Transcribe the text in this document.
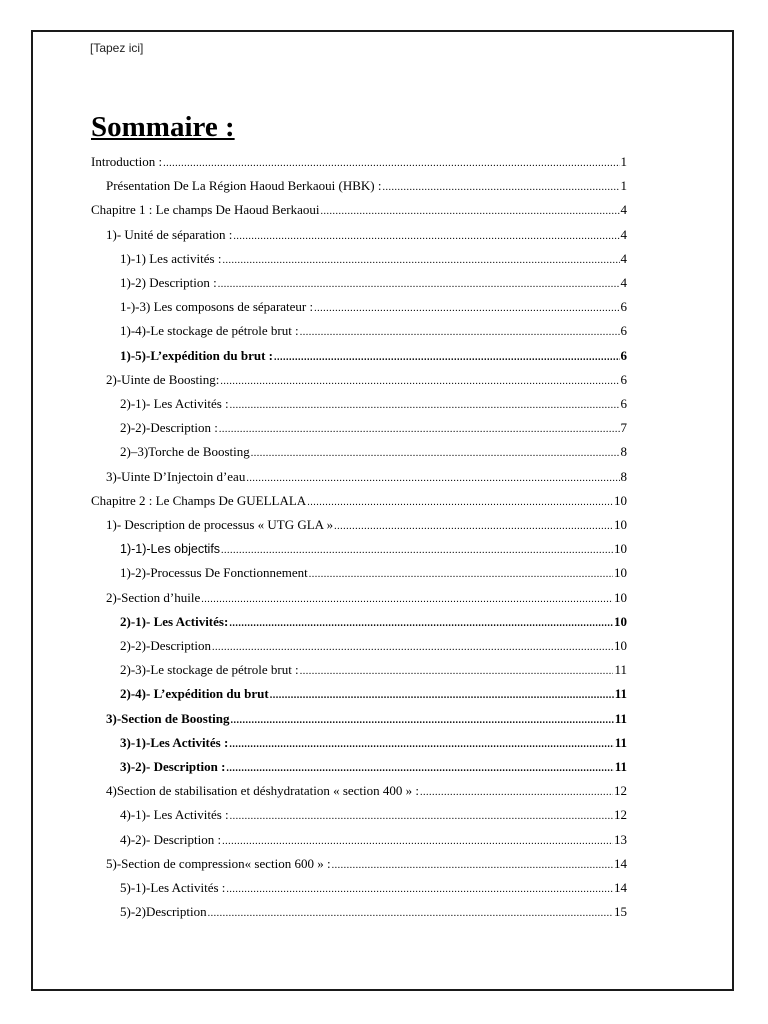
[Tapez ici]
Sommaire :
Introduction : .....	1
Présentation De La Région Haoud Berkaoui (HBK) : .....	1
Chapitre 1 : Le champs De Haoud Berkaoui .....	4
1)- Unité de séparation : .....	4
1)-1) Les activités : .....	4
1)-2) Description : .....	4
1-)-3) Les composons de séparateur : .....	6
1)-4)-Le stockage de pétrole brut : .....	6
1)-5)-L’expédition du brut : .....	6
2)-Uinte de Boosting: .....	6
2)-1)- Les Activités : .....	6
2)-2)-Description : .....	7
2)–3)Torche de Boosting .....	8
3)-Uinte D’Injectoin d’eau .....	8
Chapitre 2 : Le Champs De GUELLALA .....	10
1)- Description de processus « UTG GLA » .....	10
1)-1)-Les objectifs .....	10
1)-2)-Processus De Fonctionnement .....	10
2)-Section d’huile .....	10
2)-1)- Les Activités: .....	10
2)-2)-Description .....	10
2)-3)-Le stockage de pétrole brut : .....	11
2)-4)- L’expédition du brut .....	11
3)-Section de Boosting .....	11
3)-1)-Les Activités : .....	11
3)-2)- Description : .....	11
4)Section de stabilisation et déshydratation « section 400 » : .....	12
4)-1)- Les Activités : .....	12
4)-2)- Description : .....	13
5)-Section de compression« section 600 » : .....	14
5)-1)-Les Activités : .....	14
5)-2)Description .....	15
